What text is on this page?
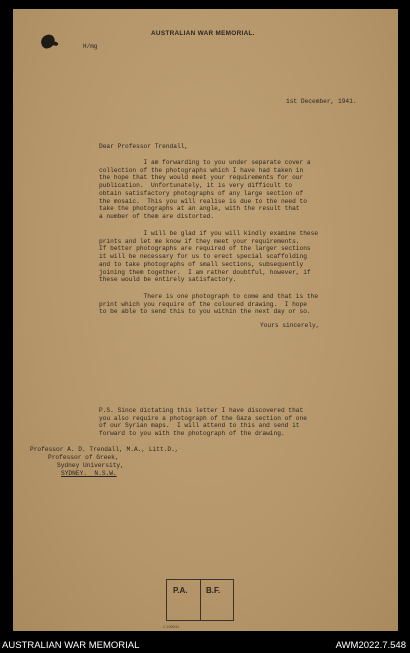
AUSTRALIAN WAR MEMORIAL.
H/mg
1st December, 1941.
Dear Professor Trendall,
I am forwarding to you under separate cover a
collection of the photographs which I have had taken in
the hope that they would meet your requirements for our
publication.  Unfortunately, it is very difficult to
obtain satisfactory photographs of any large section of
the mosaic.  This you will realise is due to the need to
take the photographs at an angle, with the result that
a number of them are distorted.
I will be glad if you will kindly examine these
prints and let me know if they meet your requirements.
If better photographs are required of the larger sections
it will be necessary for us to erect special scaffolding
and to take photographs of small sections, subsequently
joining them together.  I am rather doubtful, however, if
these would be entirely satisfactory.
There is one photograph to come and that is the
print which you require of the coloured drawing.  I hope
to be able to send this to you within the next day or so.
Yours sincerely,
P.S. Since dictating this letter I have discovered that
you also require a photograph of the Gaza section of one
of our Syrian maps.  I will attend to this and send it
forward to you with the photograph of the drawing.
Professor A. D. Trendall, M.A., Litt.D.,
Professor of Greek,
Sydney University,
SYDNEY.  N.S.W.
P.A. B.F.
C.1000/41
AUSTRALIAN WAR MEMORIAL	AWM2022.7.548
